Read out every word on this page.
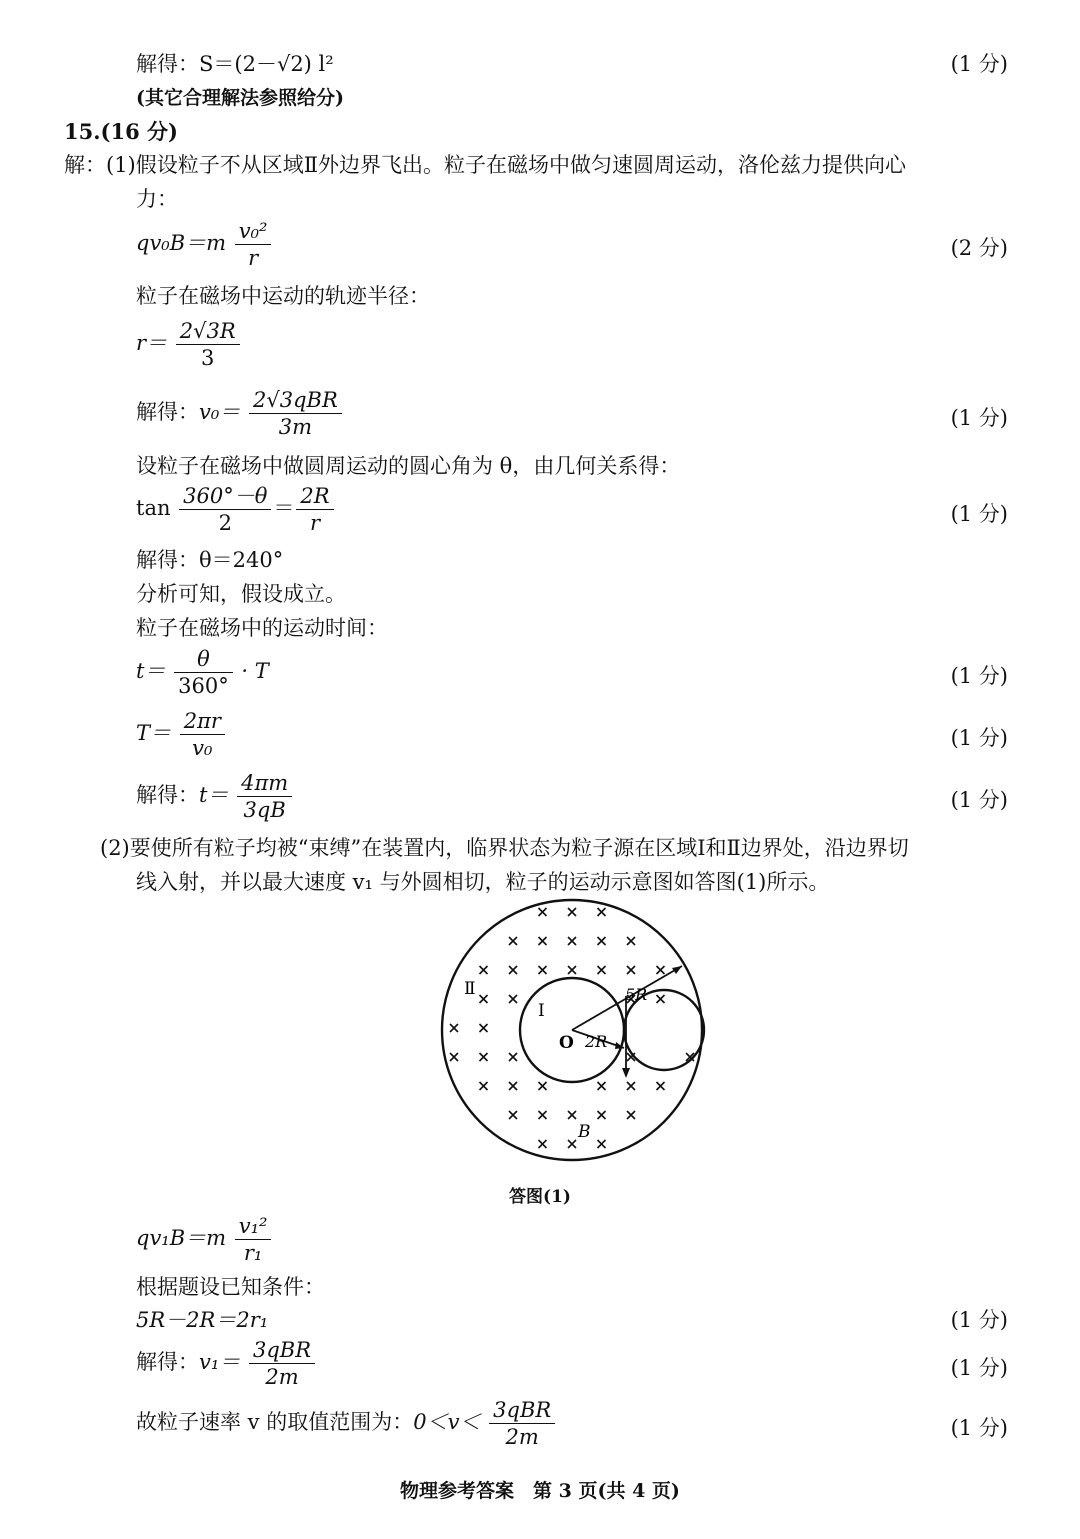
解得：S＝(2－√2) l²	(1 分)
(其它合理解法参照给分)
15.(16 分)
解：(1)假设粒子不从区域Ⅱ外边界飞出。粒子在磁场中做匀速圆周运动，洛伦兹力提供向心
力：
$qv_0B=m \frac{\text{v₀²}}{r}$	(2 分)
粒子在磁场中运动的轨迹半径：
$r= \frac{2√3R}{3}$
解得：$v_0= \frac{\text{2√3qBR}}{3m}$	(1 分)
设粒子在磁场中做圆周运动的圆心角为 θ，由几何关系得：
$\tan \frac{360^\circ-\theta}{2} = \frac{2R}{r}$	(1 分)
解得：θ＝240°
分析可知，假设成立。
粒子在磁场中的运动时间：
$t= \frac{\theta}{360^\circ} \cdot T$	(1 分)
$T= \frac{2\pi r}{\text{v₀}}$	(1 分)
解得：$t= \frac{4\pi m}{3qB}$	(1 分)
(2)要使所有粒子均被“束缚”在装置内，临界状态为粒子源在区域Ⅰ和Ⅱ边界处，沿边界切
线入射，并以最大速度 v₁ 与外圆相切，粒子的运动示意图如答图(1)所示。
Ⅱ
Ⅰ
O 2R
5R
B
答图(1)
$qv_1B=m \frac{\text{v₁²}}{\text{r₁}}$
根据题设已知条件：
5R－2R＝2r₁	(1 分)
解得：$v_1= \frac{\text{3qBR}}{2m}$	(1 分)
故粒子速率 v 的取值范围为：$0<v< \frac{\text{3qBR}}{2m}$	(1 分)
物理参考答案　第 3 页(共 4 页)
